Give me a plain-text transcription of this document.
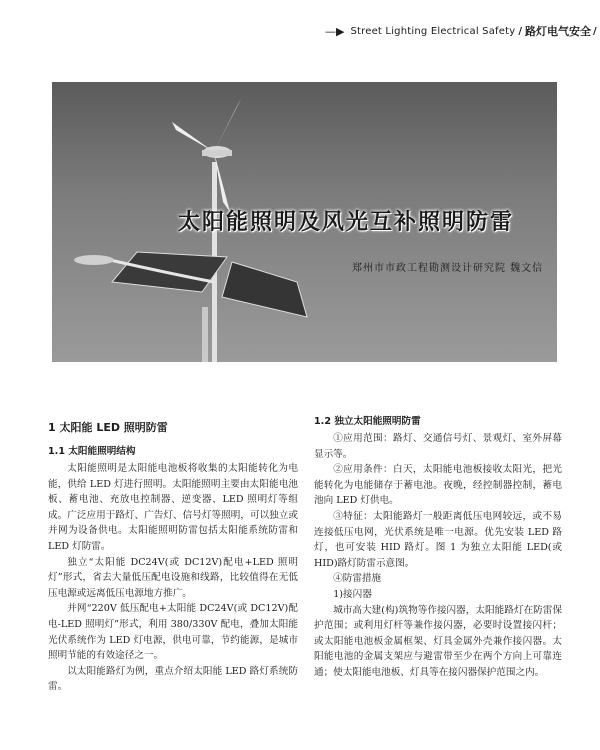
—▶ Street Lighting Electrical Safety / 路灯电气安全 /
太阳能照明及风光互补照明防雷
郑州市市政工程勘测设计研究院 魏文信
1 太阳能 LED 照明防雷
1.1 太阳能照明结构

太阳能照明是太阳能电池板将收集的太阳能转化为电能，供给 LED 灯进行照明。太阳能照明主要由太阳能电池板、蓄电池、充放电控制器、逆变器、LED 照明灯等组成。广泛应用于路灯、广告灯、信号灯等照明，可以独立或并网为设备供电。太阳能照明防雷包括太阳能系统防雷和 LED 灯防雷。

独立“太阳能 DC24V(或 DC12V)配电+LED 照明灯”形式，省去大量低压配电设施和线路，比较值得在无低压电源或远离低压电源地方推广。

并网“220V 低压配电+太阳能 DC24V(或 DC12V)配电-LED 照明灯”形式，利用 380/330V 配电，叠加太阳能光伏系统作为 LED 灯电源，供电可靠，节约能源，是城市照明节能的有效途径之一。

以太阳能路灯为例，重点介绍太阳能 LED 路灯系统防雷。

1.2 独立太阳能照明防雷

①应用范围：路灯、交通信号灯、景观灯、室外屏幕显示等。

②应用条件：白天，太阳能电池板接收太阳光，把光能转化为电能储存于蓄电池。夜晚，经控制器控制，蓄电池向 LED 灯供电。

③特征：太阳能路灯一般距离低压电网较远，或不易连接低压电网，光伏系统是唯一电源。优先安装 LED 路灯，也可安装 HID 路灯。图 1 为独立太阳能 LED(或 HID)路灯防雷示意图。

④防雷措施

1)接闪器

城市高大建(构)筑物等作接闪器，太阳能路灯在防雷保护范围；或利用灯杆等兼作接闪器，必要时设置接闪杆；或太阳能电池板金属框架、灯具金属外壳兼作接闪器。太阳能电池的金属支架应与避雷带至少在两个方向上可靠连通；使太阳能电池板、灯具等在接闪器保护范围之内。
